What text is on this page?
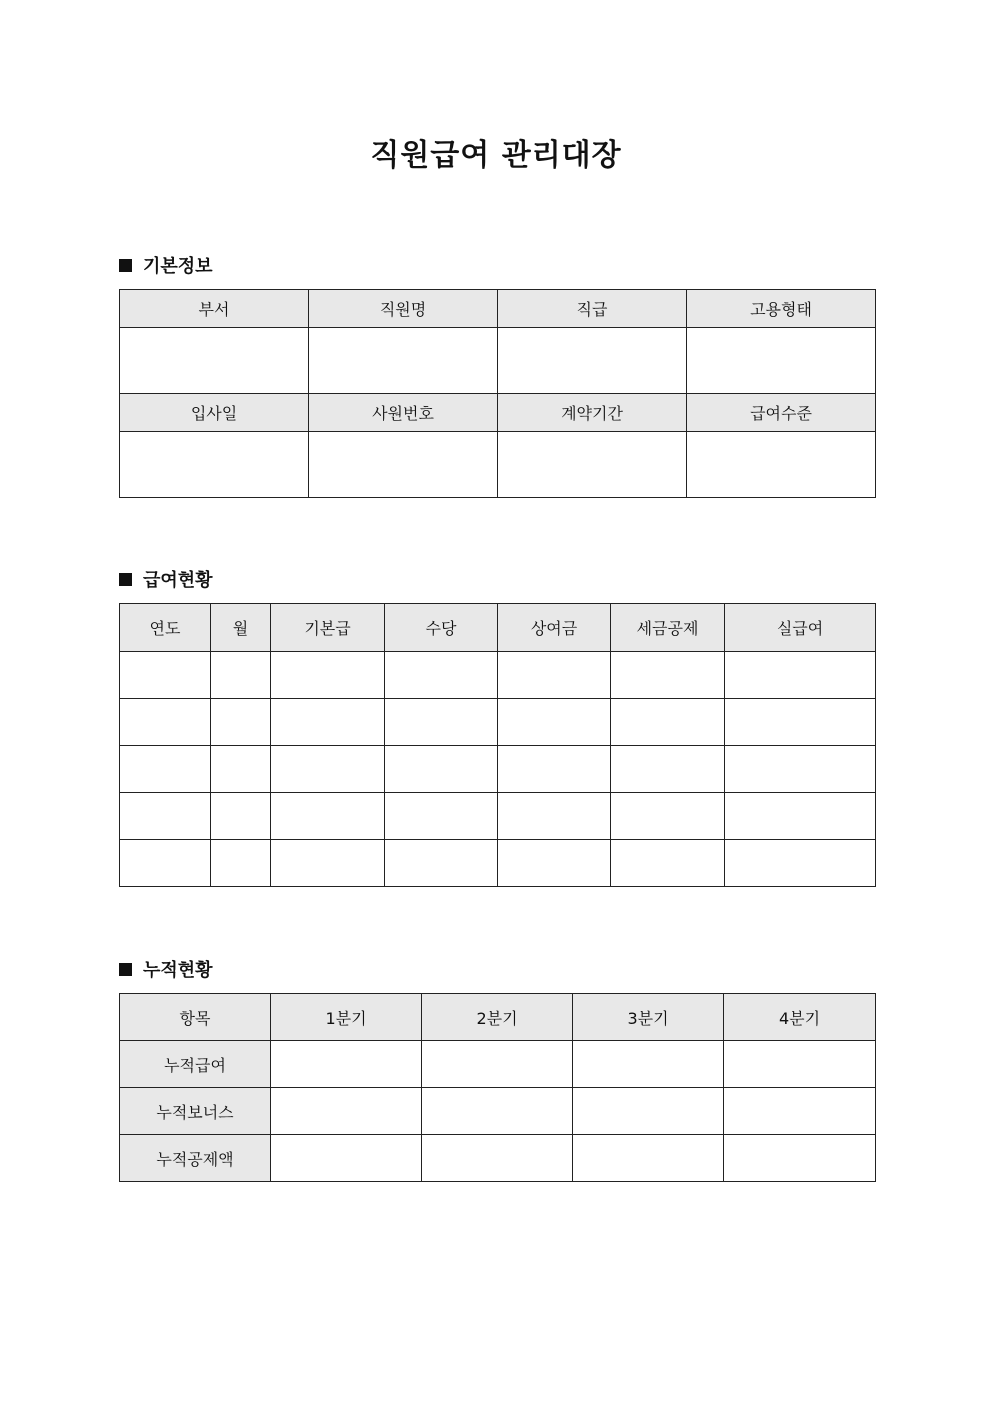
직원급여 관리대장
기본정보
부서	직원명	직급	고용형태

입사일	사원번호	계약기간	급여수준

급여현황
연도	월	기본급	수당	상여금	세금공제	실급여

누적현황
항목	1분기	2분기	3분기	4분기
누적급여				
누적보너스				
누적공제액				
